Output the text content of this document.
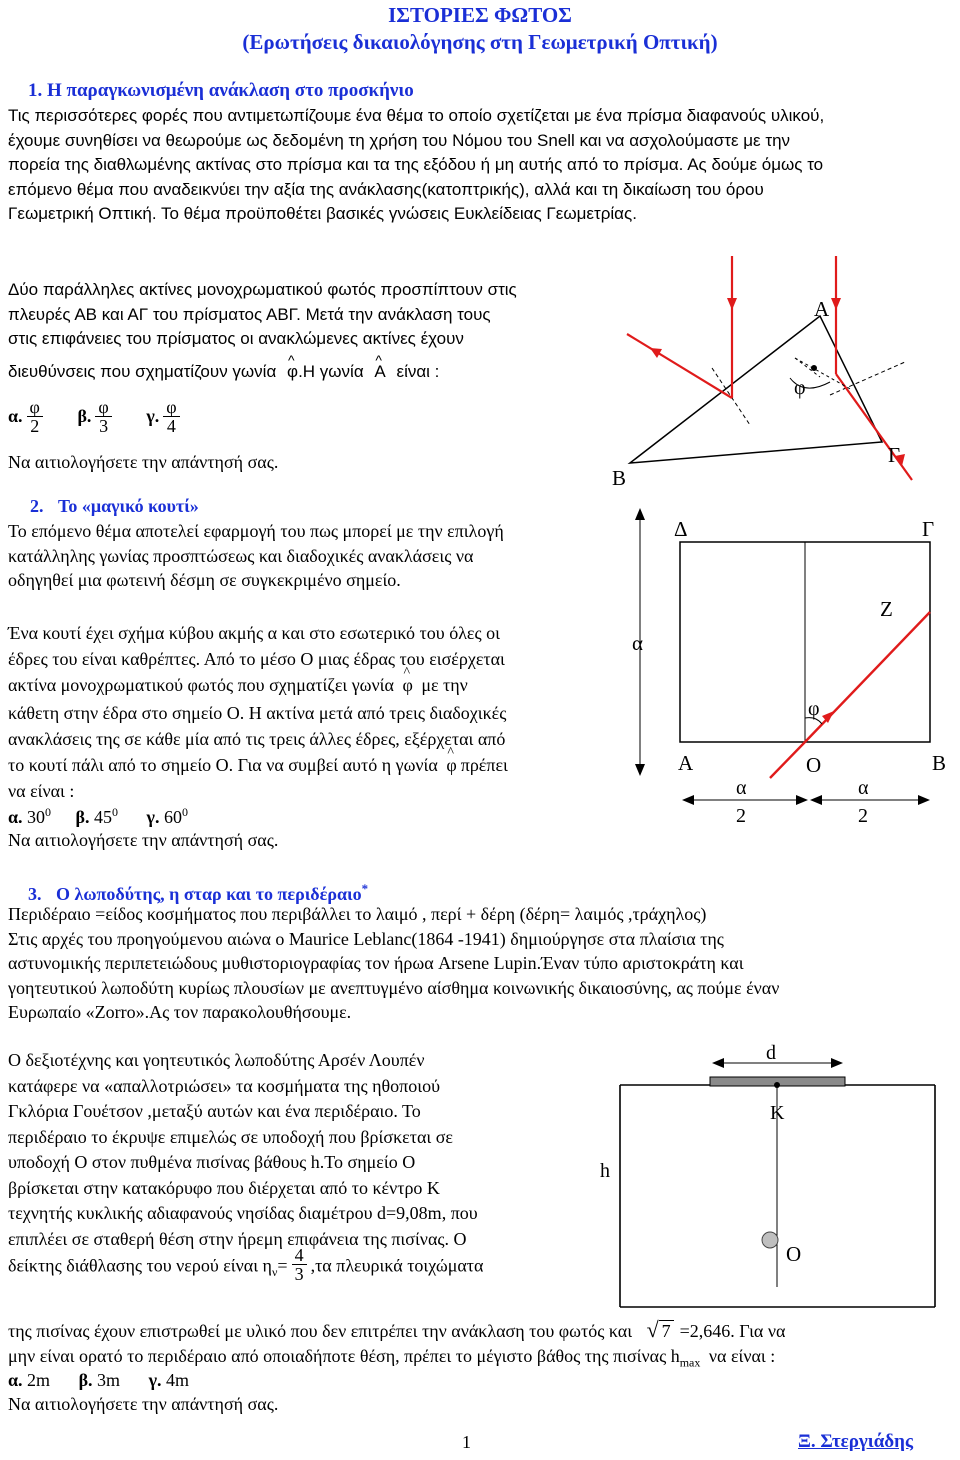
ΙΣΤΟΡΙΕΣ ΦΩΤΟΣ
(Ερωτήσεις δικαιολόγησης στη Γεωμετρική Οπτική)
1. Η παραγκωνισμένη ανάκλαση στο προσκήνιο
Τις περισσότερες φορές που αντιμετωπίζουμε ένα θέμα το οποίο σχετίζεται με ένα πρίσμα διαφανούς υλικού,
έχουμε συνηθίσει να θεωρούμε ως δεδομένη τη χρήση του Νόμου του Snell και να ασχολούμαστε με την
πορεία της διαθλωμένης ακτίνας στο πρίσμα και τα της εξόδου ή μη αυτής από το πρίσμα. Ας δούμε όμως το
επόμενο θέμα που αναδεικνύει την αξία της ανάκλασης(κατοπτρικής), αλλά και τη δικαίωση του όρου
Γεωμετρική Οπτική. Το θέμα προϋποθέτει βασικές γνώσεις Ευκλείδειας Γεωμετρίας.
Δύο παράλληλες ακτίνες μονοχρωματικού φωτός προσπίπτουν στις
πλευρές ΑΒ και ΑΓ του πρίσματος ΑΒΓ. Μετά την ανάκλαση τους
στις επιφάνειες του πρίσματος οι ανακλώμενες ακτίνες έχουν
διευθύνσεις που σχηματίζουν γωνία ^ φ.Η γωνία ^ Α είναι :
α. $\frac{\varphi}{2} \beta$. $\frac{\varphi}{3} \gamma$. $\frac{\varphi}{4}$
Να αιτιολογήσετε την απάντησή σας.
Α
Β
Γ
φ
2. Το «μαγικό κουτί»
Το επόμενο θέμα αποτελεί εφαρμογή του πως μπορεί με την επιλογή
κατάλληλης γωνίας προσπτώσεως και διαδοχικές ανακλάσεις να
οδηγηθεί μια φωτεινή δέσμη σε συγκεκριμένο σημείο.
Ένα κουτί έχει σχήμα κύβου ακμής α και στο εσωτερικό του όλες οι
έδρες του είναι καθρέπτες. Από το μέσο Ο μιας έδρας του εισέρχεται
ακτίνα μονοχρωματικού φωτός που σχηματίζει γωνία ^ φ με την
κάθετη στην έδρα στο σημείο Ο. Η ακτίνα μετά από τρεις διαδοχικές
ανακλάσεις της σε κάθε μία από τις τρεις άλλες έδρες, εξέρχεται από
το κουτί πάλι από το σημείο Ο. Για να συμβεί αυτό η γωνία ^ φ πρέπει
να είναι :
α. $30^0$ β. $45^0$ γ. $60^0$
Να αιτιολογήσετε την απάντησή σας.
Δ	Γ
Ζ
α
φ
Α	Ο	Β
α
2
α
2
3. Ο λωποδύτης, η σταρ και το περιδέραιο*
Περιδέραιο =είδος κοσμήματος που περιβάλλει το λαιμό , περί + δέρη (δέρη= λαιμός ,τράχηλος)
Στις αρχές του προηγούμενου αιώνα ο Maurice Leblanc(1864 -1941) δημιούργησε στα πλαίσια της
αστυνομικής περιπετειώδους μυθιστοριογραφίας τον ήρωα Arsene Lupin.Έναν τύπο αριστοκράτη και
γοητευτικού λωποδύτη κυρίως πλουσίων με ανεπτυγμένο αίσθημα κοινωνικής δικαιοσύνης, ας πούμε έναν
Ευρωπαίο «Zorro».Ας τον παρακολουθήσουμε.
Ο δεξιοτέχνης και γοητευτικός λωποδύτης Αρσέν Λουπέν
κατάφερε να «απαλλοτριώσει» τα κοσμήματα της ηθοποιού
Γκλόρια Γουέτσον ,μεταξύ αυτών και ένα περιδέραιο. Το
περιδέραιο το έκρυψε επιμελώς σε υποδοχή που βρίσκεται σε
υποδοχή Ο στον πυθμένα πισίνας βάθους h.Το σημείο Ο
βρίσκεται στην κατακόρυφο που διέρχεται από το κέντρο Κ
τεχνητής κυκλικής αδιαφανούς νησίδας διαμέτρου d=9,08m, που
επιπλέει σε σταθερή θέση στην ήρεμη επιφάνεια της πισίνας. Ο
δείκτης διάθλασης του νερού είναι $\eta_\nu= \frac{4}{3} ,\tau\alpha$ πλευρικά τοιχώματα
της πισίνας έχουν επιστρωθεί με υλικό που δεν επιτρέπει την ανάκλαση του φωτός και √ 7 =2,646. Για να
μην είναι ορατό το περιδέραιο από οποιαδήποτε θέση, πρέπει το μέγιστο βάθος της πισίνας $h_{max}$ να είναι :
α. 2m β. 3m γ. 4m
Να αιτιολογήσετε την απάντησή σας.
d
Κ
h
Ο
1	Ξ. Στεργιάδης
